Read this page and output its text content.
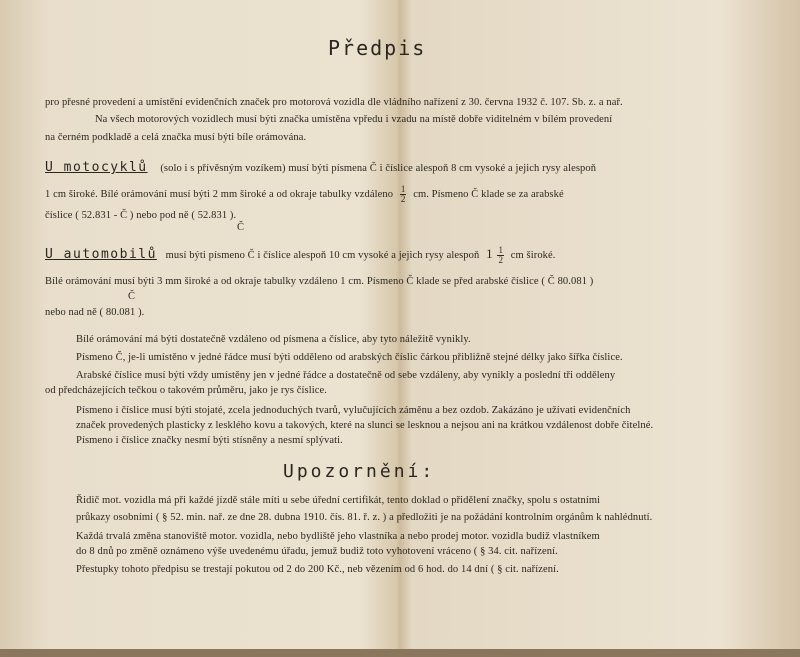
Předpis
pro přesné provedení a umístění evidenčních značek pro motorová vozidla dle vládního nařízení z 30. června 1932 č. 107. Sb. z. a nař.
Na všech motorových vozidlech musí býti značka umístěna vpředu i vzadu na místě dobře viditelném v bílém provedení
na černém podkladě a celá značka musí býti bíle orámována.
U motocyklů (solo i s přívěsným vozíkem) musí býti písmena Č i číslice alespoň 8 cm vysoké a jejich rysy alespoň
1 cm široké. Bílé orámování musí býti 2 mm široké a od okraje tabulky vzdáleno $\frac{1}{2}$ cm. Písmeno Č klade se za arabské
číslice ( 52.831 - Č ) nebo pod ně ( 52.831 ).
Č
U automobilů musí býti písmeno Č i číslice alespoň 10 cm vysoké a jejich rysy alespoň $1 \frac{1}{2}$ cm široké.
Bílé orámování musí býti 3 mm široké a od okraje tabulky vzdáleno 1 cm. Písmeno Č klade se před arabské číslice ( Č 80.081 )
Č
nebo nad ně ( 80.081 ).
Bílé orámování má býti dostatečně vzdáleno od písmena a číslice, aby tyto náležitě vynikly.
Písmeno Č, je-li umístěno v jedné řádce musí býti odděleno od arabských číslic čárkou přibližně stejné délky jako šířka číslice.
Arabské číslice musí býti vždy umístěny jen v jedné řádce a dostatečně od sebe vzdáleny, aby vynikly a poslední tři odděleny
od předcházejících tečkou o takovém průměru, jako je rys číslice.
Písmeno i číslice musí býti stojaté, zcela jednoduchých tvarů, vylučujících záměnu a bez ozdob. Zakázáno je užívati evidenčních
značek provedených plasticky z lesklého kovu a takových, které na slunci se lesknou a nejsou ani na krátkou vzdálenost dobře čitelné.
Písmeno i číslice značky nesmí býti stísněny a nesmí splývati.
Upozornění:
Řidič mot. vozidla má při každé jízdě stále míti u sebe úřední certifikát, tento doklad o přidělení značky, spolu s ostatními
průkazy osobními ( § 52. min. nař. ze dne 28. dubna 1910. čís. 81. ř. z. ) a předložiti je na požádání kontrolním orgánům k nahlédnutí.
Každá trvalá změna stanoviště motor. vozidla, nebo bydliště jeho vlastníka a nebo prodej motor. vozidla budiž vlastníkem
do 8 dnů po změně oznámeno výše uvedenému úřadu, jemuž budiž toto vyhotovení vráceno ( § 34. cit. nařízení.
Přestupky tohoto předpisu se trestají pokutou od 2 do 200 Kč., neb vězením od 6 hod. do 14 dní ( § cit. nařízení.
